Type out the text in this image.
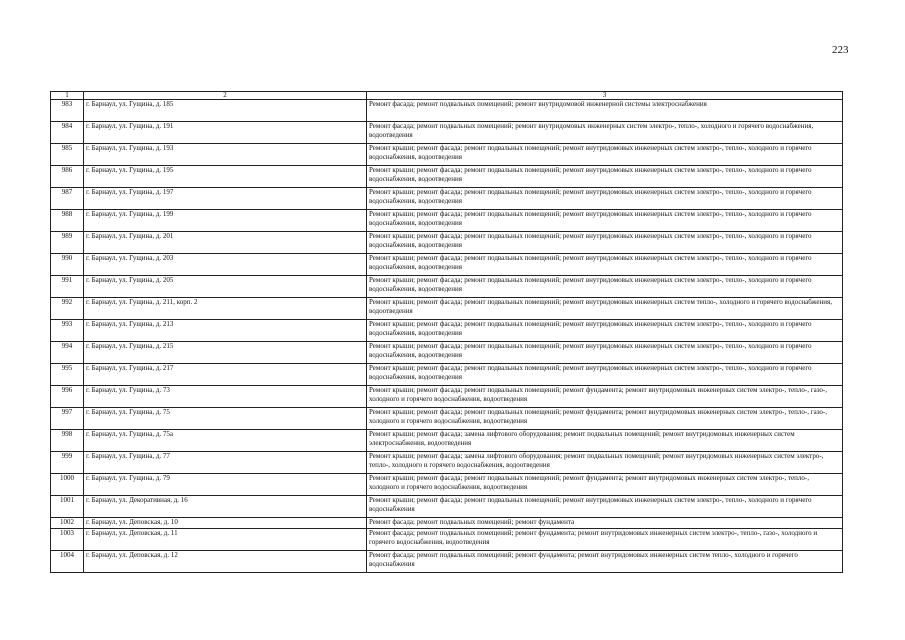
223
1	2	3
983	г. Барнаул, ул. Гущина, д. 185	Ремонт фасада; ремонт подвальных помещений; ремонт внутридомовой инженерной системы электроснабжения
984	г. Барнаул, ул. Гущина, д. 191	Ремонт фасада; ремонт подвальных помещений; ремонт внутридомовых инженерных систем электро-, тепло-, холодного и горячего водоснабжения, водоотведения
985	г. Барнаул, ул. Гущина, д. 193	Ремонт крыши; ремонт фасада; ремонт подвальных помещений; ремонт внутридомовых инженерных систем электро-, тепло-, холодного и горячего водоснабжения, водоотведения
986	г. Барнаул, ул. Гущина, д. 195	Ремонт крыши; ремонт фасада; ремонт подвальных помещений; ремонт внутридомовых инженерных систем электро-, тепло-, холодного и горячего водоснабжения, водоотведения
987	г. Барнаул, ул. Гущина, д. 197	Ремонт крыши; ремонт фасада; ремонт подвальных помещений; ремонт внутридомовых инженерных систем электро-, тепло-, холодного и горячего водоснабжения, водоотведения
988	г. Барнаул, ул. Гущина, д. 199	Ремонт крыши; ремонт фасада; ремонт подвальных помещений; ремонт внутридомовых инженерных систем электро-, тепло-, холодного и горячего водоснабжения, водоотведения
989	г. Барнаул, ул. Гущина, д. 201	Ремонт крыши; ремонт фасада; ремонт подвальных помещений; ремонт внутридомовых инженерных систем электро-, тепло-, холодного и горячего водоснабжения, водоотведения
990	г. Барнаул, ул. Гущина, д. 203	Ремонт крыши; ремонт фасада; ремонт подвальных помещений; ремонт внутридомовых инженерных систем электро-, тепло-, холодного и горячего водоснабжения, водоотведения
991	г. Барнаул, ул. Гущина, д. 205	Ремонт крыши; ремонт фасада; ремонт подвальных помещений; ремонт внутридомовых инженерных систем электро-, тепло-, холодного и горячего водоснабжения, водоотведения
992	г. Барнаул, ул. Гущина, д. 211, корп. 2	Ремонт крыши; ремонт фасада; ремонт подвальных помещений; ремонт внутридомовых инженерных систем тепло-, холодного и горячего водоснабжения, водоотведения
993	г. Барнаул, ул. Гущина, д. 213	Ремонт крыши; ремонт фасада; ремонт подвальных помещений; ремонт внутридомовых инженерных систем электро-, тепло-, холодного и горячего водоснабжения, водоотведения
994	г. Барнаул, ул. Гущина, д. 215	Ремонт крыши; ремонт фасада; ремонт подвальных помещений; ремонт внутридомовых инженерных систем электро-, тепло-, холодного и горячего водоснабжения, водоотведения
995	г. Барнаул, ул. Гущина, д. 217	Ремонт крыши; ремонт фасада; ремонт подвальных помещений; ремонт внутридомовых инженерных систем электро-, тепло-, холодного и горячего водоснабжения, водоотведения
996	г. Барнаул, ул. Гущина, д. 73	Ремонт крыши; ремонт фасада; ремонт подвальных помещений; ремонт фундамента; ремонт внутридомовых инженерных систем электро-, тепло-, газо-, холодного и горячего водоснабжения, водоотведения
997	г. Барнаул, ул. Гущина, д. 75	Ремонт крыши; ремонт фасада; ремонт подвальных помещений; ремонт фундамента; ремонт внутридомовых инженерных систем электро-, тепло-, газо-, холодного и горячего водоснабжения, водоотведения
998	г. Барнаул, ул. Гущина, д. 75а	Ремонт крыши; ремонт фасада; замена лифтового оборудования; ремонт подвальных помещений; ремонт внутридомовых инженерных систем электроснабжения, водоотведения
999	г. Барнаул, ул. Гущина, д. 77	Ремонт крыши; ремонт фасада; замена лифтового оборудования; ремонт подвальных помещений; ремонт внутридомовых инженерных систем электро-, тепло-, холодного и горячего водоснабжения, водоотведения
1000	г. Барнаул, ул. Гущина, д. 79	Ремонт крыши; ремонт фасада; ремонт подвальных помещений; ремонт фундамента; ремонт внутридомовых инженерных систем электро-, тепло-, холодного и горячего водоснабжения, водоотведения
1001	г. Барнаул, ул. Декоративная, д. 16	Ремонт крыши; ремонт фасада; ремонт подвальных помещений; ремонт внутридомовых инженерных систем электро-, тепло-, холодного и горячего водоснабжения
1002	г. Барнаул, ул. Деповская, д. 10	Ремонт фасада; ремонт подвальных помещений; ремонт фундамента
1003	г. Барнаул, ул. Деповская, д. 11	Ремонт фасада; ремонт подвальных помещений; ремонт фундамента; ремонт внутридомовых инженерных систем электро-, тепло-, газо-, холодного и горячего водоснабжения, водоотведения
1004	г. Барнаул, ул. Деповская, д. 12	Ремонт фасада; ремонт подвальных помещений; ремонт фундамента; ремонт внутридомовых инженерных систем тепло-, холодного и горячего водоснабжения
